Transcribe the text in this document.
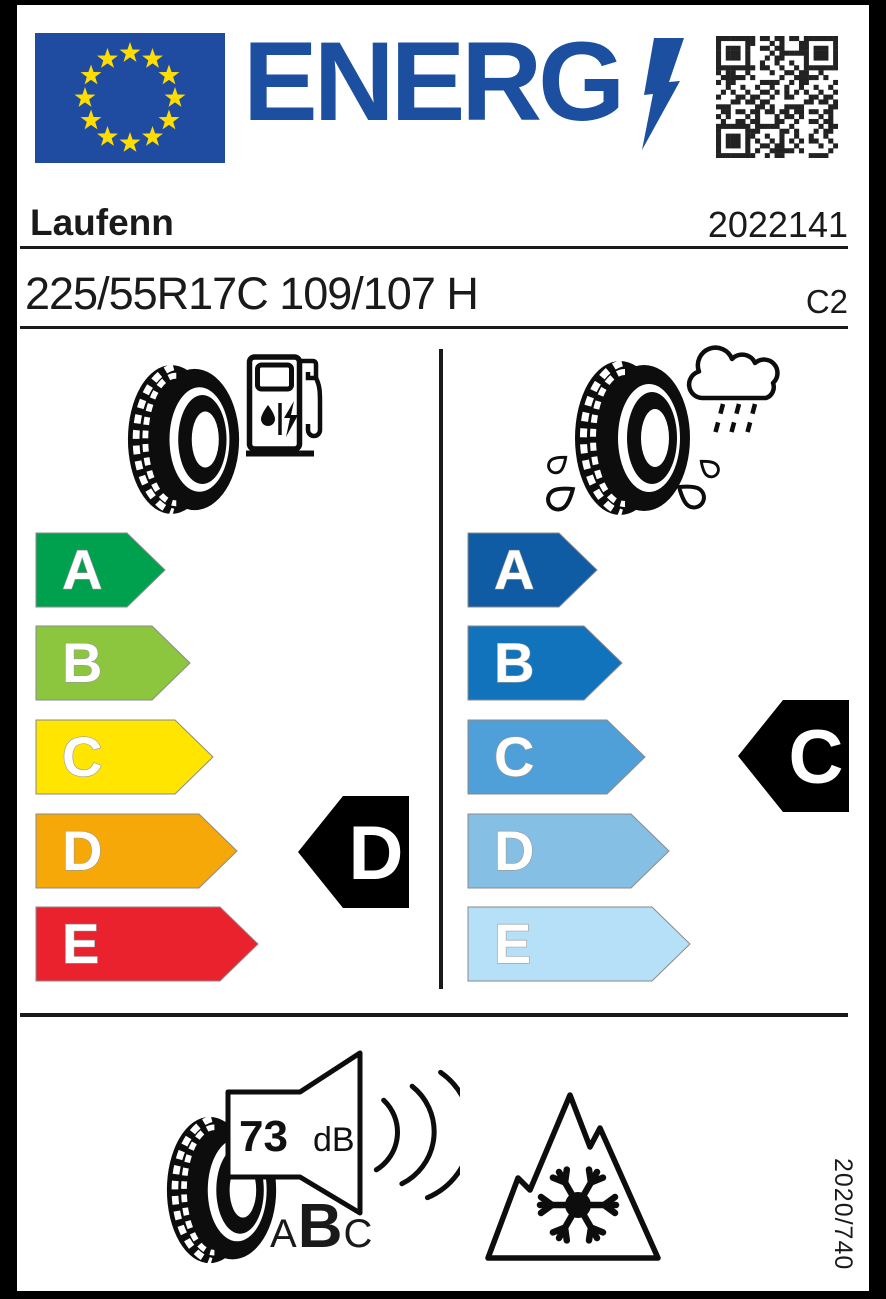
ENERG
Laufenn	2022141
225/55R17C 109/107 H	C2
A
B
C
D
E
D
A
B
C
D
E
C
73 dB
A B C	2020/740
